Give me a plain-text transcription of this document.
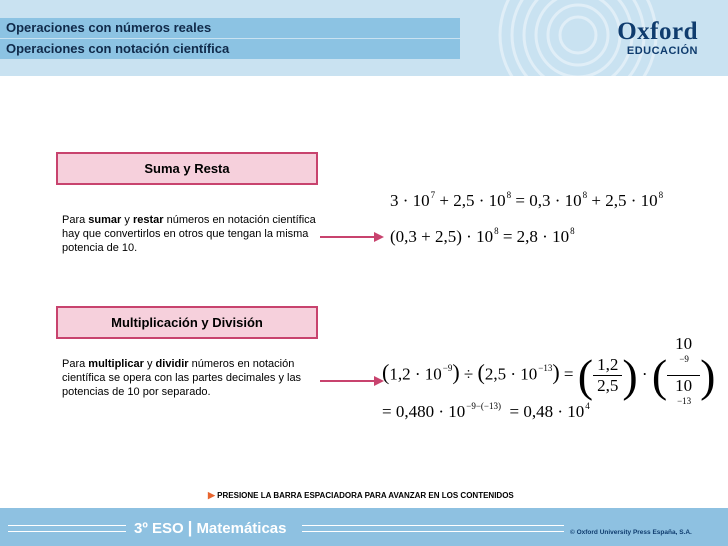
Operaciones con números reales
Operaciones con notación científica
Oxford
EDUCACIÓN
Suma y Resta
Para sumar y restar números en notación científica hay que convertirlos en otros que tengan la misma potencia de 10.
$3 \cdot 10^7 + 2,5 \cdot 10^8 = 0,3 \cdot 10^8 + 2,5 \cdot 10^8$
$(0,3 + 2,5) \cdot 10^8 = 2,8 \cdot 10^8$
Multiplicación y División
Para multiplicar y dividir números en notación científica se opera con las partes decimales y las potencias de 10 por separado.
$(1,2 \cdot 10^{-9}) \div (2,5 \cdot 10^{-13})$ = ( $\frac{1,2}{2,5}$ ) · ( 10
$^{-9}$
10
$^{-13}$ )
= $0,480 \cdot 10^{-9-(-13)} = 0,48 \cdot 10^4$
▶ PRESIONE LA BARRA ESPACIADORA PARA AVANZAR EN LOS CONTENIDOS
3º ESO | Matemáticas	© Oxford University Press España, S.A.
